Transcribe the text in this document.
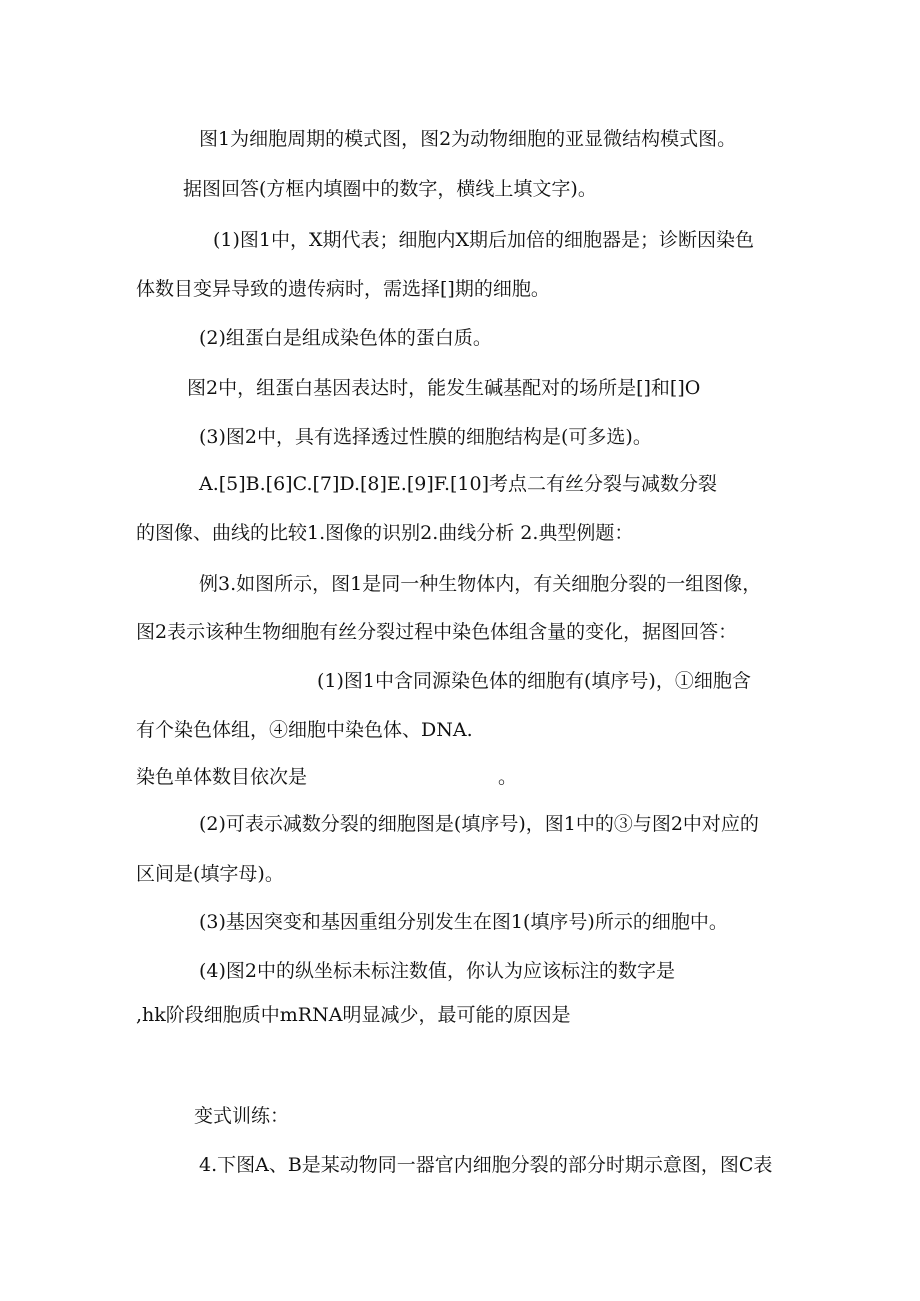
图1为细胞周期的模式图，图2为动物细胞的亚显微结构模式图。
据图回答(方框内填圈中的数字，横线上填文字)。
(1)图1中，X期代表；细胞内X期后加倍的细胞器是；诊断因染色
体数目变异导致的遗传病时，需选择[]期的细胞。
(2)组蛋白是组成染色体的蛋白质。
图2中，组蛋白基因表达时，能发生碱基配对的场所是[]和[]O
(3)图2中，具有选择透过性膜的细胞结构是(可多选)。
A.[5]B.[6]C.[7]D.[8]E.[9]F.[10]考点二有丝分裂与减数分裂
的图像、曲线的比较1.图像的识别2.曲线分析 2.典型例题：
例3.如图所示，图1是同一种生物体内，有关细胞分裂的一组图像，
图2表示该种生物细胞有丝分裂过程中染色体组含量的变化，据图回答：
(1)图1中含同源染色体的细胞有(填序号)，①细胞含
有个染色体组，④细胞中染色体、DNA.
染色单体数目依次是	。
(2)可表示减数分裂的细胞图是(填序号)，图1中的③与图2中对应的
区间是(填字母)。
(3)基因突变和基因重组分别发生在图1(填序号)所示的细胞中。
(4)图2中的纵坐标未标注数值，你认为应该标注的数字是
,hk阶段细胞质中mRNA明显减少，最可能的原因是
变式训练：
4.下图A、B是某动物同一器官内细胞分裂的部分时期示意图，图C表
